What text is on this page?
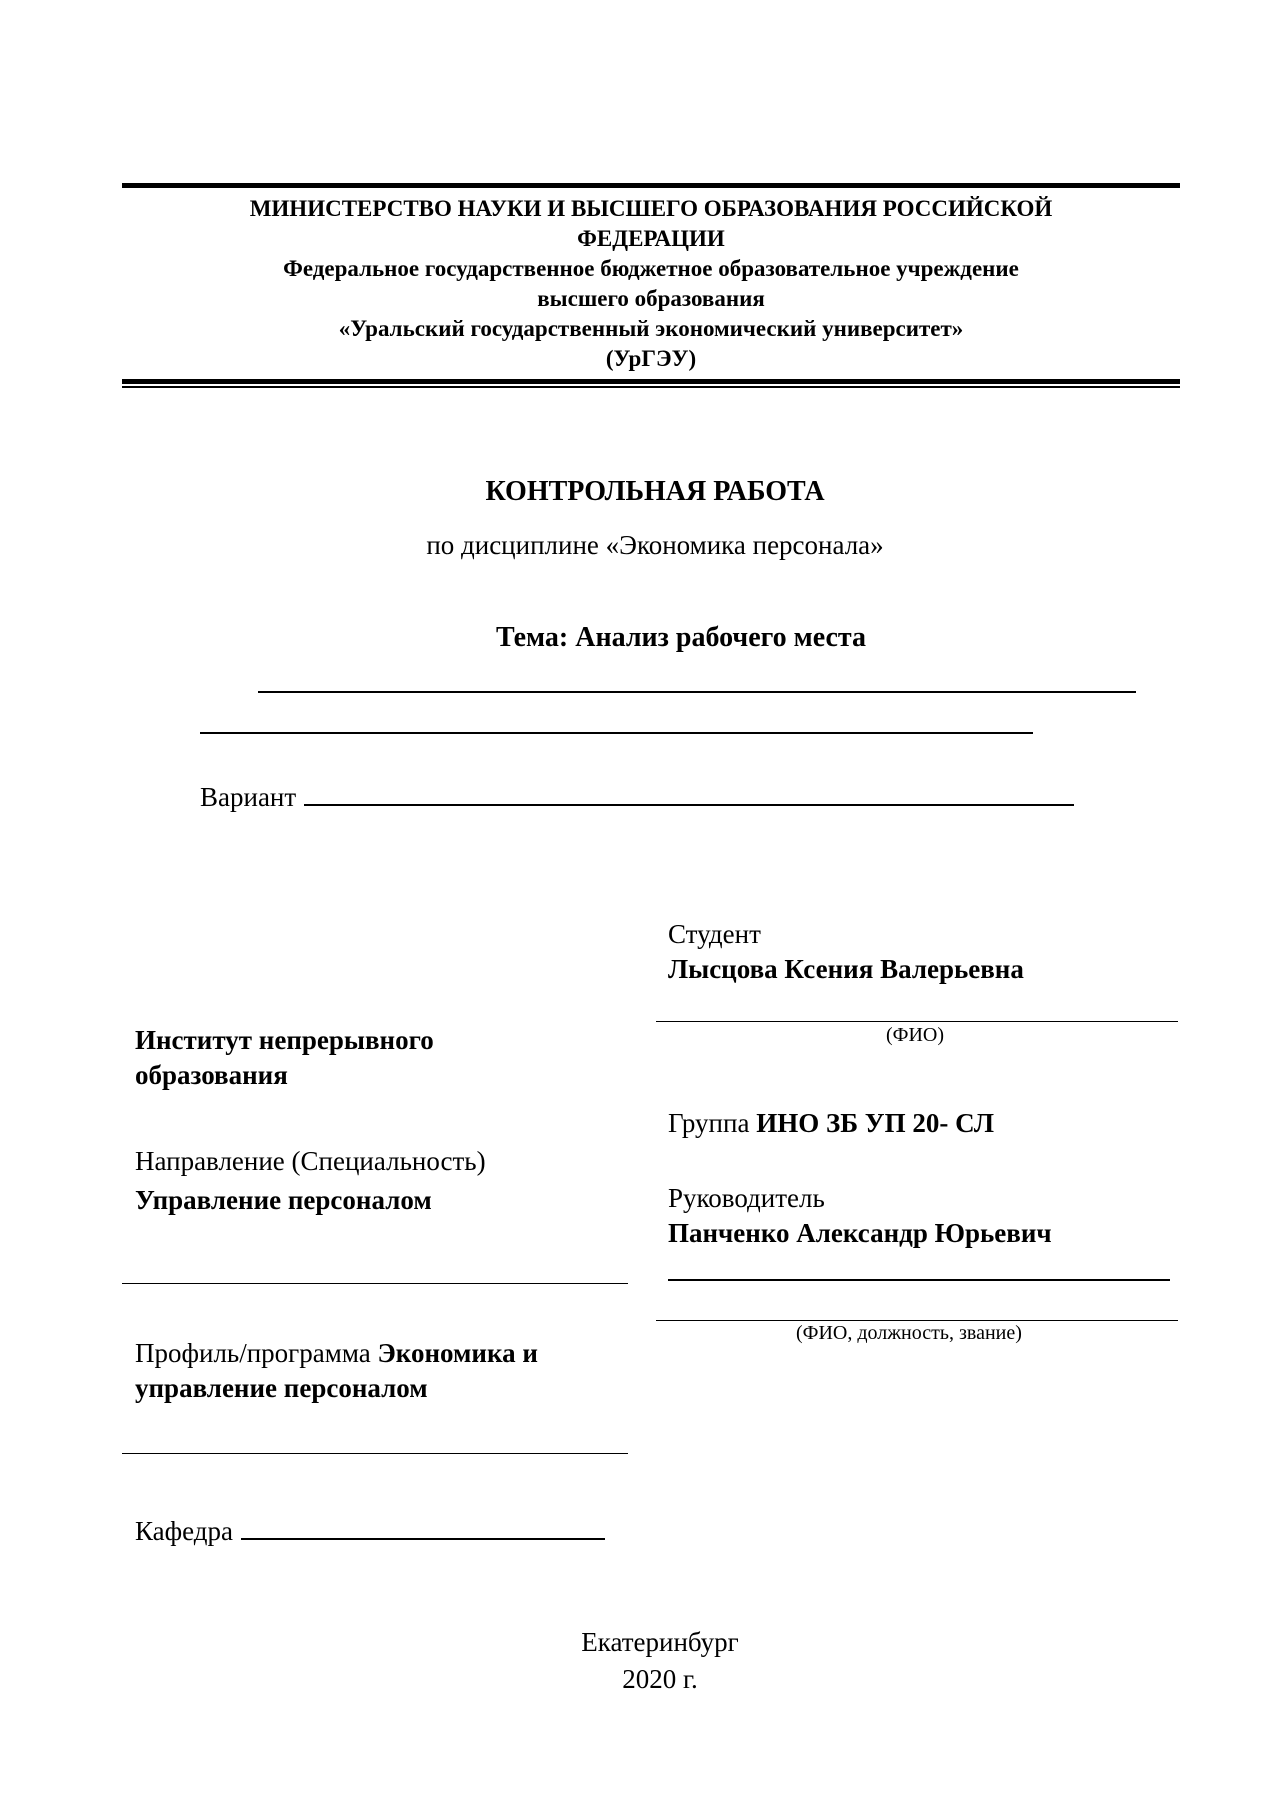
МИНИСТЕРСТВО НАУКИ И ВЫСШЕГО ОБРАЗОВАНИЯ РОССИЙСКОЙ
ФЕДЕРАЦИИ
Федеральное государственное бюджетное образовательное учреждение
высшего образования
«Уральский государственный экономический университет»
(УрГЭУ)
КОНТРОЛЬНАЯ РАБОТА
по дисциплине «Экономика персонала»
Тема: Анализ рабочего места
Вариант
Студент
Лысцова Ксения Валерьевна
(ФИО)
Институт непрерывного
образования
Группа ИНО ЗБ УП 20- СЛ
Направление (Специальность)
Управление персоналом	Руководитель
Панченко Александр Юрьевич
(ФИО, должность, звание)
Профиль/программа Экономика и
управление персоналом
Кафедра
Екатеринбург
2020 г.
